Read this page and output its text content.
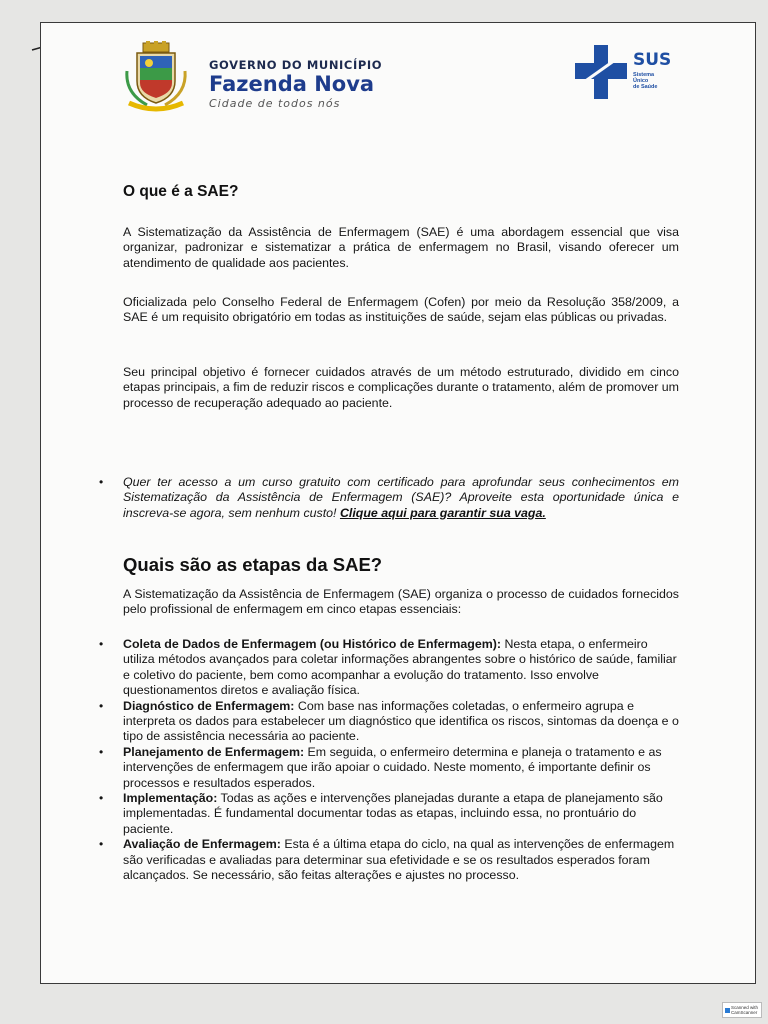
GOVERNO DO MUNICÍPIO
Fazenda Nova
Cidade de todos nós
SUS
Sistema
Único
de Saúde
O que é a SAE?

A Sistematização da Assistência de Enfermagem (SAE) é uma abordagem essencial que visa organizar, padronizar e sistematizar a prática de enfermagem no Brasil, visando oferecer um atendimento de qualidade aos pacientes.

Oficializada pelo Conselho Federal de Enfermagem (Cofen) por meio da Resolução 358/2009, a SAE é um requisito obrigatório em todas as instituições de saúde, sejam elas públicas ou privadas.

Seu principal objetivo é fornecer cuidados através de um método estruturado, dividido em cinco etapas principais, a fim de reduzir riscos e complicações durante o tratamento, além de promover um processo de recuperação adequado ao paciente.

• Quer ter acesso a um curso gratuito com certificado para aprofundar seus conhecimentos em Sistematização da Assistência de Enfermagem (SAE)? Aproveite esta oportunidade única e inscreva-se agora, sem nenhum custo! Clique aqui para garantir sua vaga.
Quais são as etapas da SAE?

A Sistematização da Assistência de Enfermagem (SAE) organiza o processo de cuidados fornecidos pelo profissional de enfermagem em cinco etapas essenciais:

• Coleta de Dados de Enfermagem (ou Histórico de Enfermagem): Nesta etapa, o enfermeiro utiliza métodos avançados para coletar informações abrangentes sobre o histórico de saúde, familiar e coletivo do paciente, bem como acompanhar a evolução do tratamento. Isso envolve questionamentos diretos e avaliação física.
• Diagnóstico de Enfermagem: Com base nas informações coletadas, o enfermeiro agrupa e interpreta os dados para estabelecer um diagnóstico que identifica os riscos, sintomas da doença e o tipo de assistência necessária ao paciente.
• Planejamento de Enfermagem: Em seguida, o enfermeiro determina e planeja o tratamento e as intervenções de enfermagem que irão apoiar o cuidado. Neste momento, é importante definir os processos e resultados esperados.
• Implementação: Todas as ações e intervenções planejadas durante a etapa de planejamento são implementadas. É fundamental documentar todas as etapas, incluindo essa, no prontuário do paciente.
• Avaliação de Enfermagem: Esta é a última etapa do ciclo, na qual as intervenções de enfermagem são verificadas e avaliadas para determinar sua efetividade e se os resultados esperados foram alcançados. Se necessário, são feitas alterações e ajustes no processo.
Scanned with
CamScanner
